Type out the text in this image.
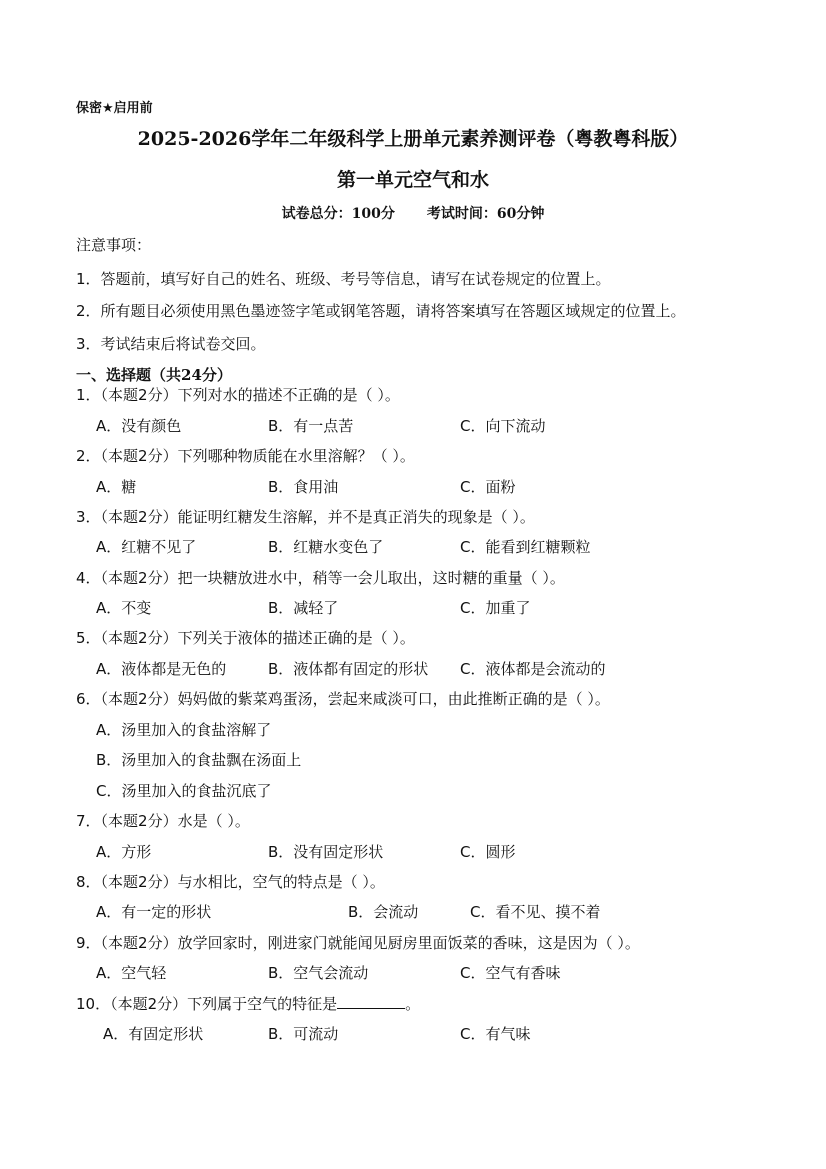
保密★启用前
2025-2026学年二年级科学上册单元素养测评卷（粤教粤科版）
第一单元空气和水
试卷总分：100分 考试时间：60分钟
注意事项：
1．答题前，填写好自己的姓名、班级、考号等信息，请写在试卷规定的位置上。
2．所有题目必须使用黑色墨迹签字笔或钢笔答题，请将答案填写在答题区域规定的位置上。
3．考试结束后将试卷交回。
一、选择题（共24分）
1．（本题2分）下列对水的描述不正确的是（ ）。
A．没有颜色	B．有一点苦	C．向下流动
2．（本题2分）下列哪种物质能在水里溶解？（ ）。
A．糖	B．食用油	C．面粉
3．（本题2分）能证明红糖发生溶解，并不是真正消失的现象是（ ）。
A．红糖不见了	B．红糖水变色了	C．能看到红糖颗粒
4．（本题2分）把一块糖放进水中，稍等一会儿取出，这时糖的重量（ ）。
A．不变	B．减轻了	C．加重了
5．（本题2分）下列关于液体的描述正确的是（ ）。
A．液体都是无色的	B．液体都有固定的形状 C．液体都是会流动的
6．（本题2分）妈妈做的紫菜鸡蛋汤，尝起来咸淡可口，由此推断正确的是（ ）。
A．汤里加入的食盐溶解了
B．汤里加入的食盐飘在汤面上
C．汤里加入的食盐沉底了
7．（本题2分）水是（ ）。
A．方形	B．没有固定形状	C．圆形
8．（本题2分）与水相比，空气的特点是（ ）。
A．有一定的形状	B．会流动	C．看不见、摸不着
9．（本题2分）放学回家时，刚进家门就能闻见厨房里面饭菜的香味，这是因为（ ）。
A．空气轻	B．空气会流动	C．空气有香味
10．（本题2分）下列属于空气的特征是	。
A．有固定形状	B．可流动	C．有气味
